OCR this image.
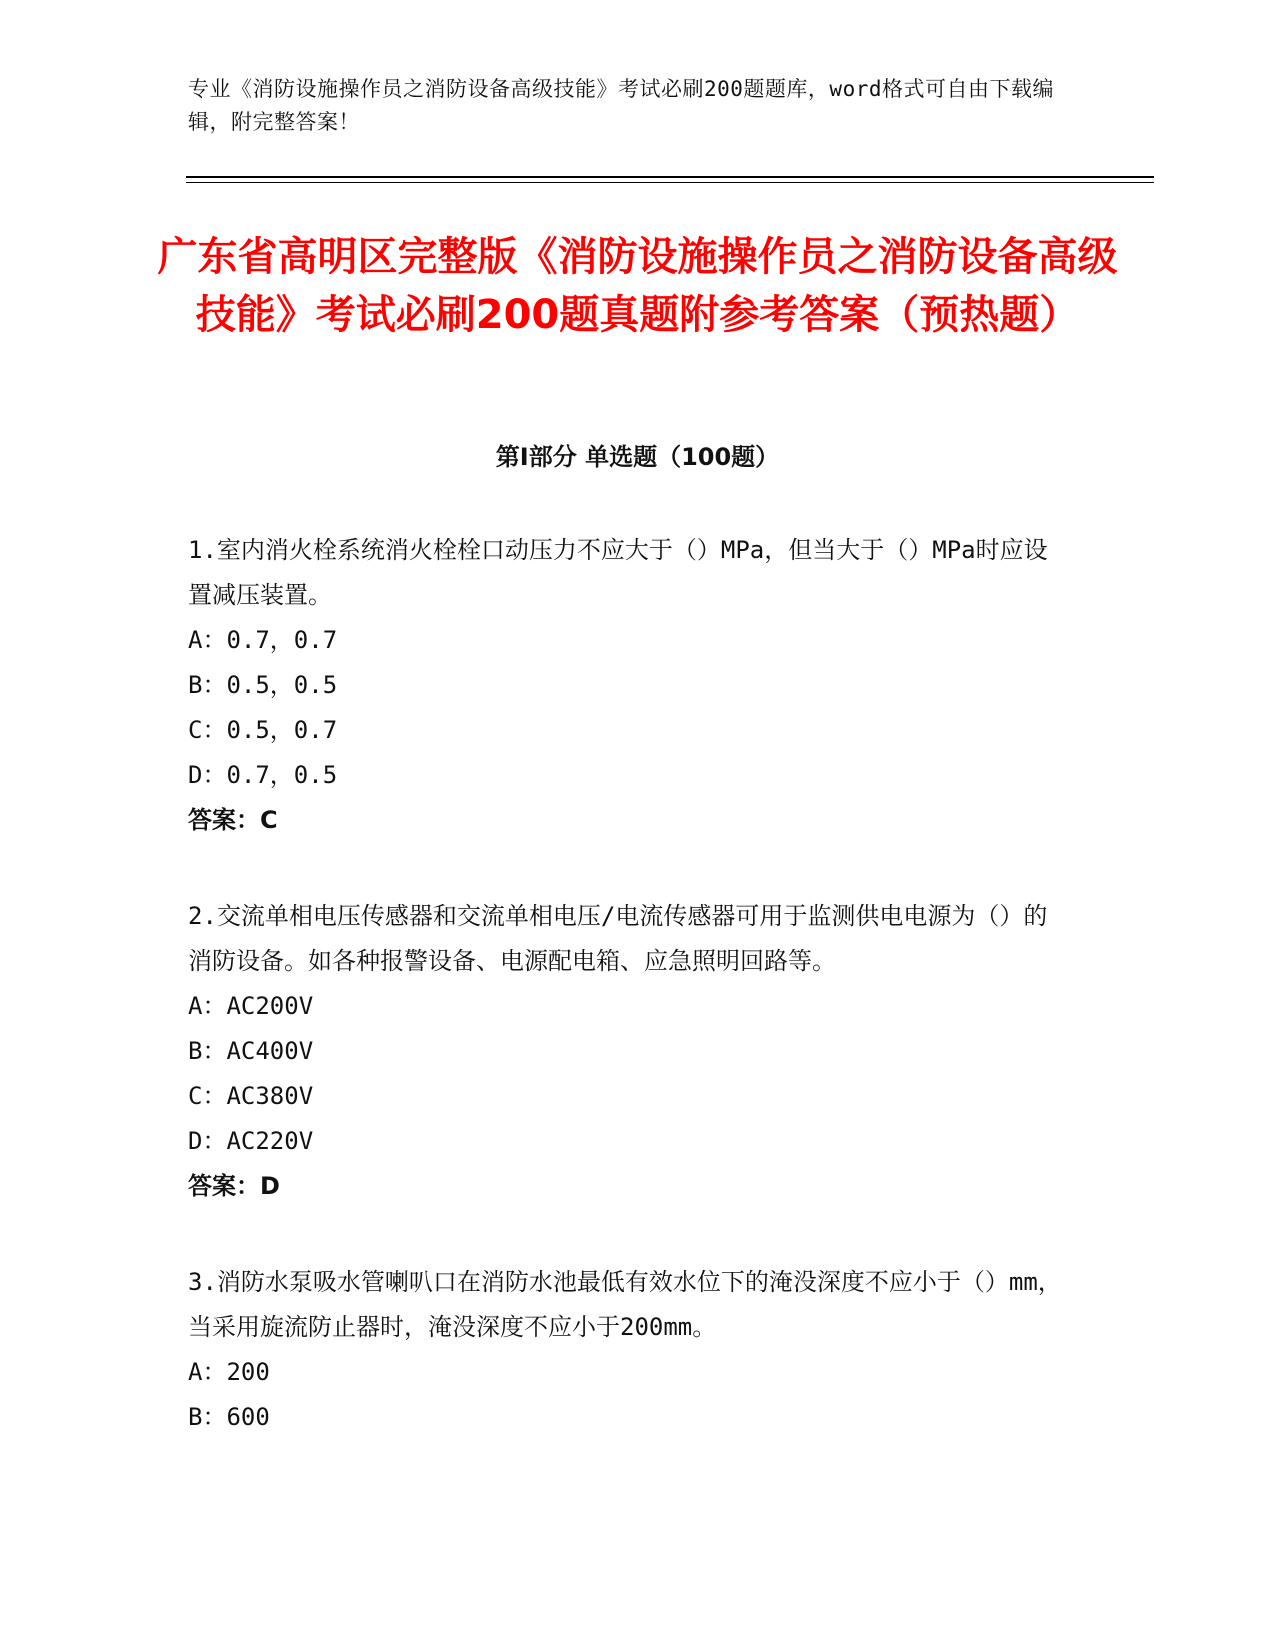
专业《消防设施操作员之消防设备高级技能》考试必刷200题题库，word格式可自由下载编辑，附完整答案！
广东省高明区完整版《消防设施操作员之消防设备高级技能》考试必刷200题真题附参考答案（预热题）
第I部分 单选题（100题）

1.室内消火栓系统消火栓栓口动压力不应大于（）MPa，但当大于（）MPa时应设置减压装置。

A：0.7，0.7

B：0.5，0.5

C：0.5，0.7

D：0.7，0.5

答案：C

2.交流单相电压传感器和交流单相电压/电流传感器可用于监测供电电源为（）的消防设备。如各种报警设备、电源配电箱、应急照明回路等。

A：AC200V

B：AC400V

C：AC380V

D：AC220V

答案：D

3.消防水泵吸水管喇叭口在消防水池最低有效水位下的淹没深度不应小于（）mm，当采用旋流防止器时，淹没深度不应小于200mm。

A：200

B：600
